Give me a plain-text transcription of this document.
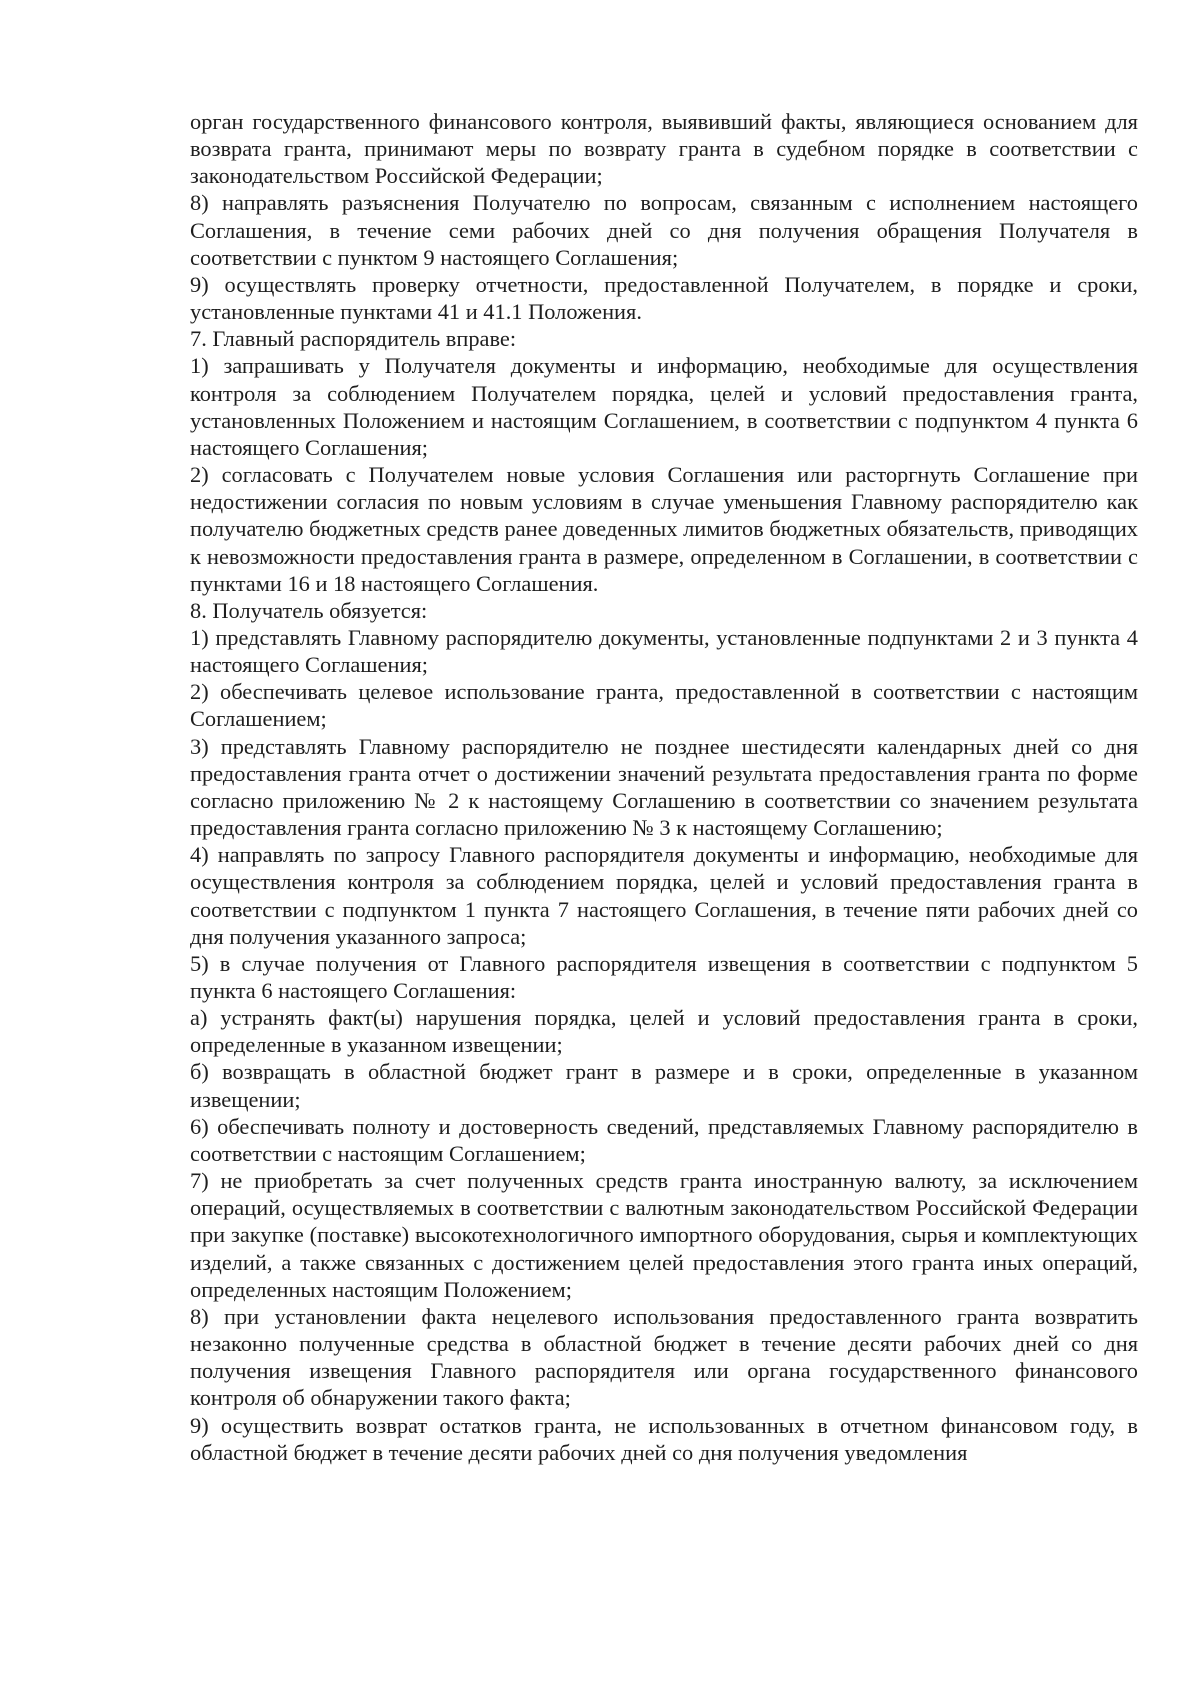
орган государственного финансового контроля, выявивший факты, являющиеся основанием для возврата гранта, принимают меры по возврату гранта в судебном порядке в соответствии с законодательством Российской Федерации;

8) направлять разъяснения Получателю по вопросам, связанным с исполнением настоящего Соглашения, в течение семи рабочих дней со дня получения обращения Получателя в соответствии с пунктом 9 настоящего Соглашения;

9) осуществлять проверку отчетности, предоставленной Получателем, в порядке и сроки, установленные пунктами 41 и 41.1 Положения.

7. Главный распорядитель вправе:

1) запрашивать у Получателя документы и информацию, необходимые для осуществления контроля за соблюдением Получателем порядка, целей и условий предоставления гранта, установленных Положением и настоящим Соглашением, в соответствии с подпунктом 4 пункта 6 настоящего Соглашения;

2) согласовать с Получателем новые условия Соглашения или расторгнуть Соглашение при недостижении согласия по новым условиям в случае уменьшения Главному распорядителю как получателю бюджетных средств ранее доведенных лимитов бюджетных обязательств, приводящих к невозможности предоставления гранта в размере, определенном в Соглашении, в соответствии с пунктами 16 и 18 настоящего Соглашения.

8. Получатель обязуется:

1) представлять Главному распорядителю документы, установленные подпунктами 2 и 3 пункта 4 настоящего Соглашения;

2) обеспечивать целевое использование гранта, предоставленной в соответствии с настоящим Соглашением;

3) представлять Главному распорядителю не позднее шестидесяти календарных дней со дня предоставления гранта отчет о достижении значений результата предоставления гранта по форме согласно приложению № 2 к настоящему Соглашению в соответствии со значением результата предоставления гранта согласно приложению № 3 к настоящему Соглашению;

4) направлять по запросу Главного распорядителя документы и информацию, необходимые для осуществления контроля за соблюдением порядка, целей и условий предоставления гранта в соответствии с подпунктом 1 пункта 7 настоящего Соглашения, в течение пяти рабочих дней со дня получения указанного запроса;

5) в случае получения от Главного распорядителя извещения в соответствии с подпунктом 5 пункта 6 настоящего Соглашения:

а) устранять факт(ы) нарушения порядка, целей и условий предоставления гранта в сроки, определенные в указанном извещении;

б) возвращать в областной бюджет грант в размере и в сроки, определенные в указанном извещении;

6) обеспечивать полноту и достоверность сведений, представляемых Главному распорядителю в соответствии с настоящим Соглашением;

7) не приобретать за счет полученных средств гранта иностранную валюту, за исключением операций, осуществляемых в соответствии с валютным законодательством Российской Федерации при закупке (поставке) высокотехнологичного импортного оборудования, сырья и комплектующих изделий, а также связанных с достижением целей предоставления этого гранта иных операций, определенных настоящим Положением;

8) при установлении факта нецелевого использования предоставленного гранта возвратить незаконно полученные средства в областной бюджет в течение десяти рабочих дней со дня получения извещения Главного распорядителя или органа государственного финансового контроля об обнаружении такого факта;

9) осуществить возврат остатков гранта, не использованных в отчетном финансовом году, в областной бюджет в течение десяти рабочих дней со дня получения уведомления
